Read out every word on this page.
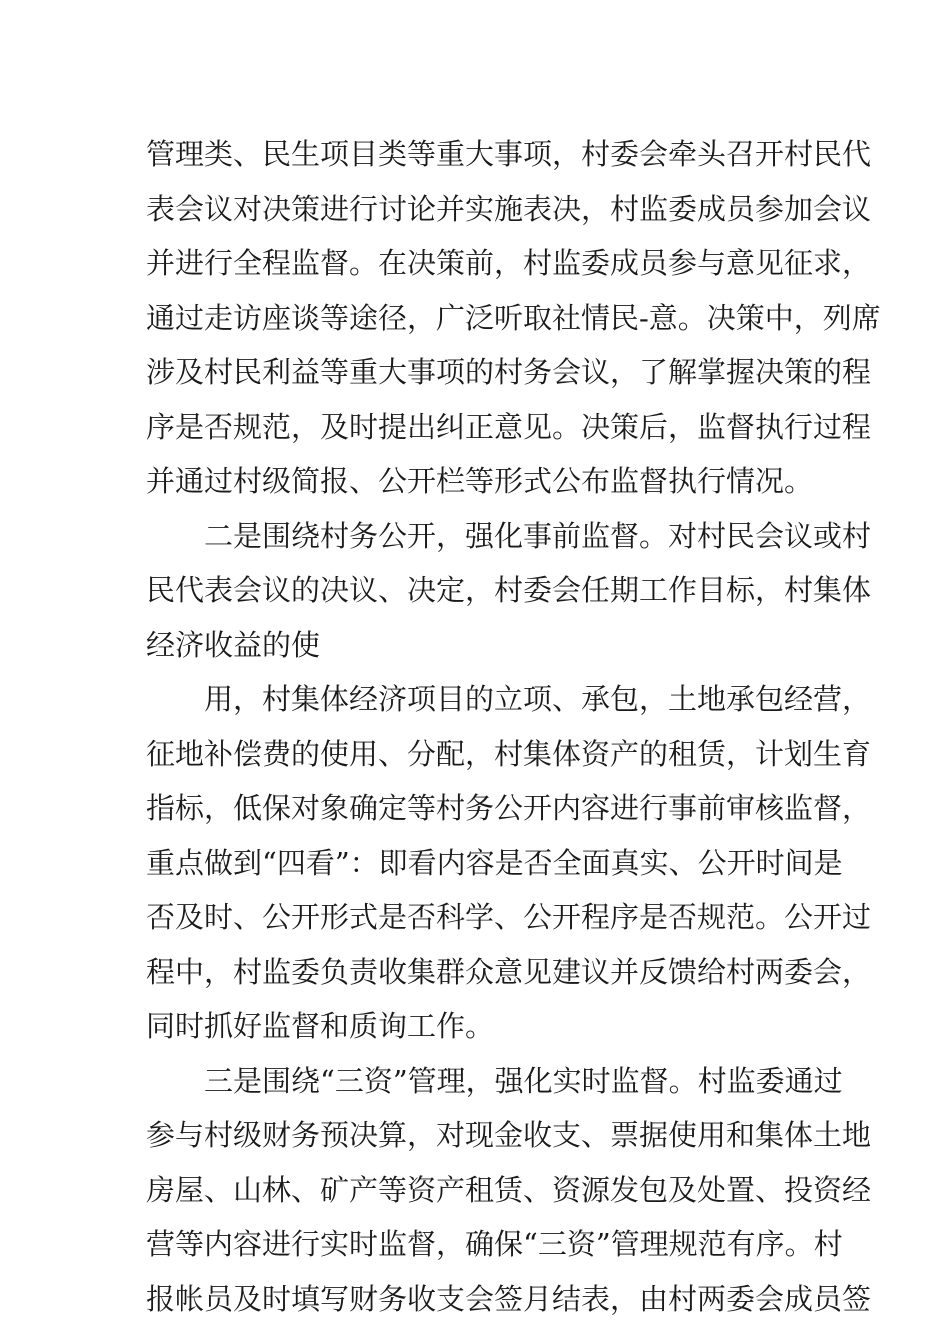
管理类、民生项目类等重大事项，村委会牵头召开村民代
表会议对决策进行讨论并实施表决，村监委成员参加会议
并进行全程监督。在决策前，村监委成员参与意见征求，
通过走访座谈等途径，广泛听取社情民-意。决策中，列席
涉及村民利益等重大事项的村务会议，了解掌握决策的程
序是否规范，及时提出纠正意见。决策后，监督执行过程
并通过村级简报、公开栏等形式公布监督执行情况。
二是围绕村务公开，强化事前监督。对村民会议或村
民代表会议的决议、决定，村委会任期工作目标，村集体
经济收益的使
用，村集体经济项目的立项、承包，土地承包经营，
征地补偿费的使用、分配，村集体资产的租赁，计划生育
指标，低保对象确定等村务公开内容进行事前审核监督，
重点做到“四看”：即看内容是否全面真实、公开时间是
否及时、公开形式是否科学、公开程序是否规范。公开过
程中，村监委负责收集群众意见建议并反馈给村两委会，
同时抓好监督和质询工作。
三是围绕“三资”管理，强化实时监督。村监委通过
参与村级财务预决算，对现金收支、票据使用和集体土地
房屋、山林、矿产等资产租赁、资源发包及处置、投资经
营等内容进行实时监督，确保“三资”管理规范有序。村
报帐员及时填写财务收支会签月结表，由村两委会成员签
